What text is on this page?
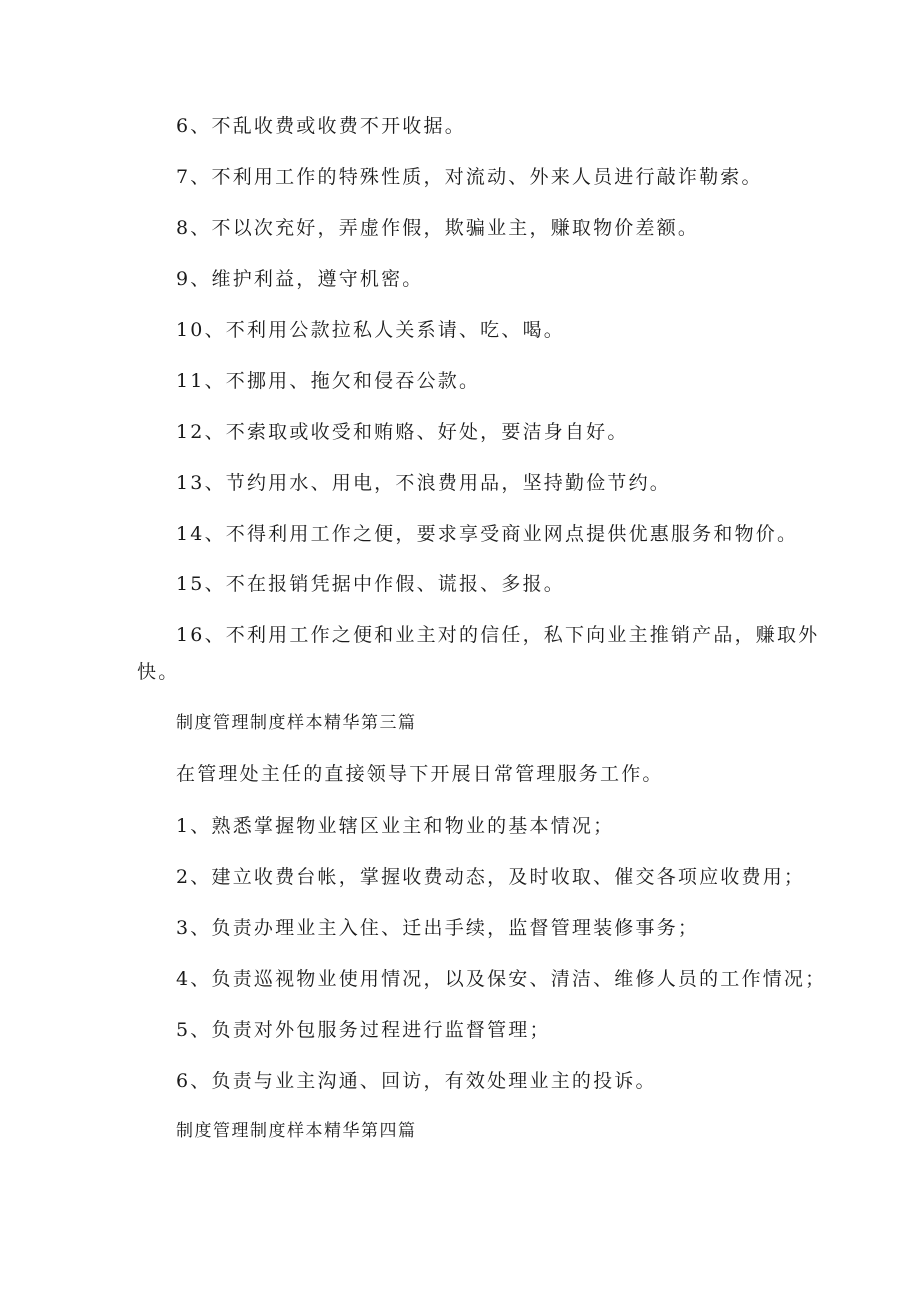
6、不乱收费或收费不开收据。
7、不利用工作的特殊性质，对流动、外来人员进行敲诈勒索。
8、不以次充好，弄虚作假，欺骗业主，赚取物价差额。
9、维护利益，遵守机密。
10、不利用公款拉私人关系请、吃、喝。
11、不挪用、拖欠和侵吞公款。
12、不索取或收受和贿赂、好处，要洁身自好。
13、节约用水、用电，不浪费用品，坚持勤俭节约。
14、不得利用工作之便，要求享受商业网点提供优惠服务和物价。
15、不在报销凭据中作假、谎报、多报。
16、不利用工作之便和业主对的信任，私下向业主推销产品，赚取外
快。
制度管理制度样本精华第三篇
在管理处主任的直接领导下开展日常管理服务工作。
1、熟悉掌握物业辖区业主和物业的基本情况；
2、建立收费台帐，掌握收费动态，及时收取、催交各项应收费用；
3、负责办理业主入住、迁出手续，监督管理装修事务；
4、负责巡视物业使用情况，以及保安、清洁、维修人员的工作情况；
5、负责对外包服务过程进行监督管理；
6、负责与业主沟通、回访，有效处理业主的投诉。
制度管理制度样本精华第四篇
